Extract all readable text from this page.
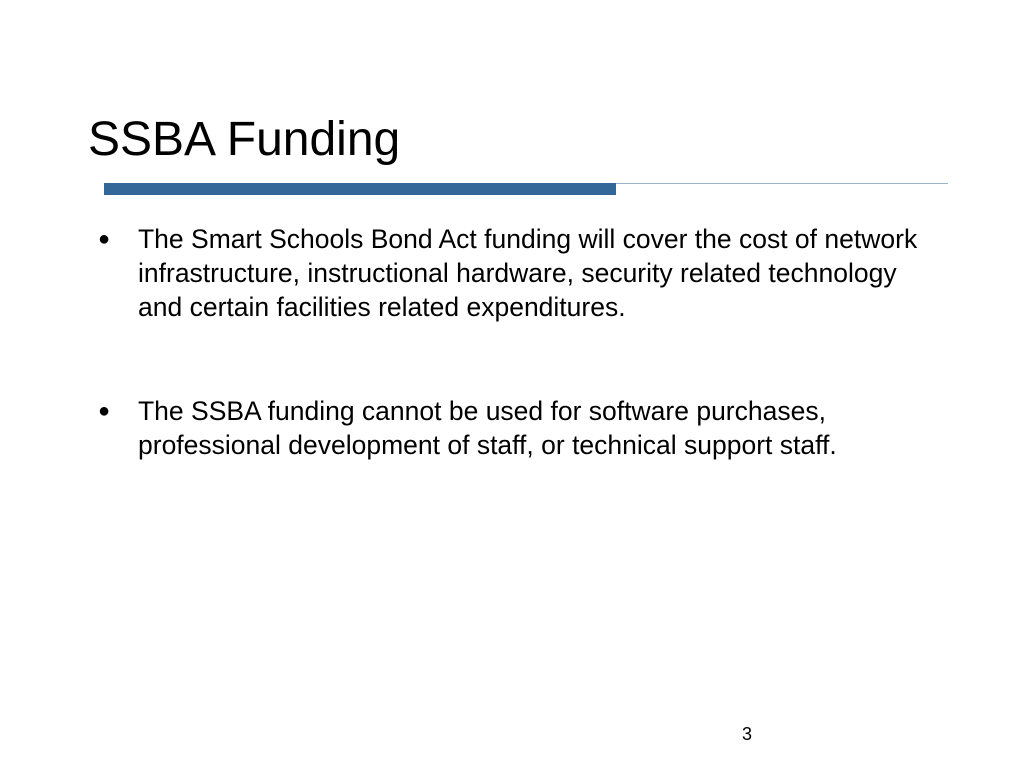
SSBA Funding
● The Smart Schools Bond Act funding will cover the cost of network infrastructure, instructional hardware, security related technology and certain facilities related expenditures.
● The SSBA funding cannot be used for software purchases, professional development of staff, or technical support staff.
3
